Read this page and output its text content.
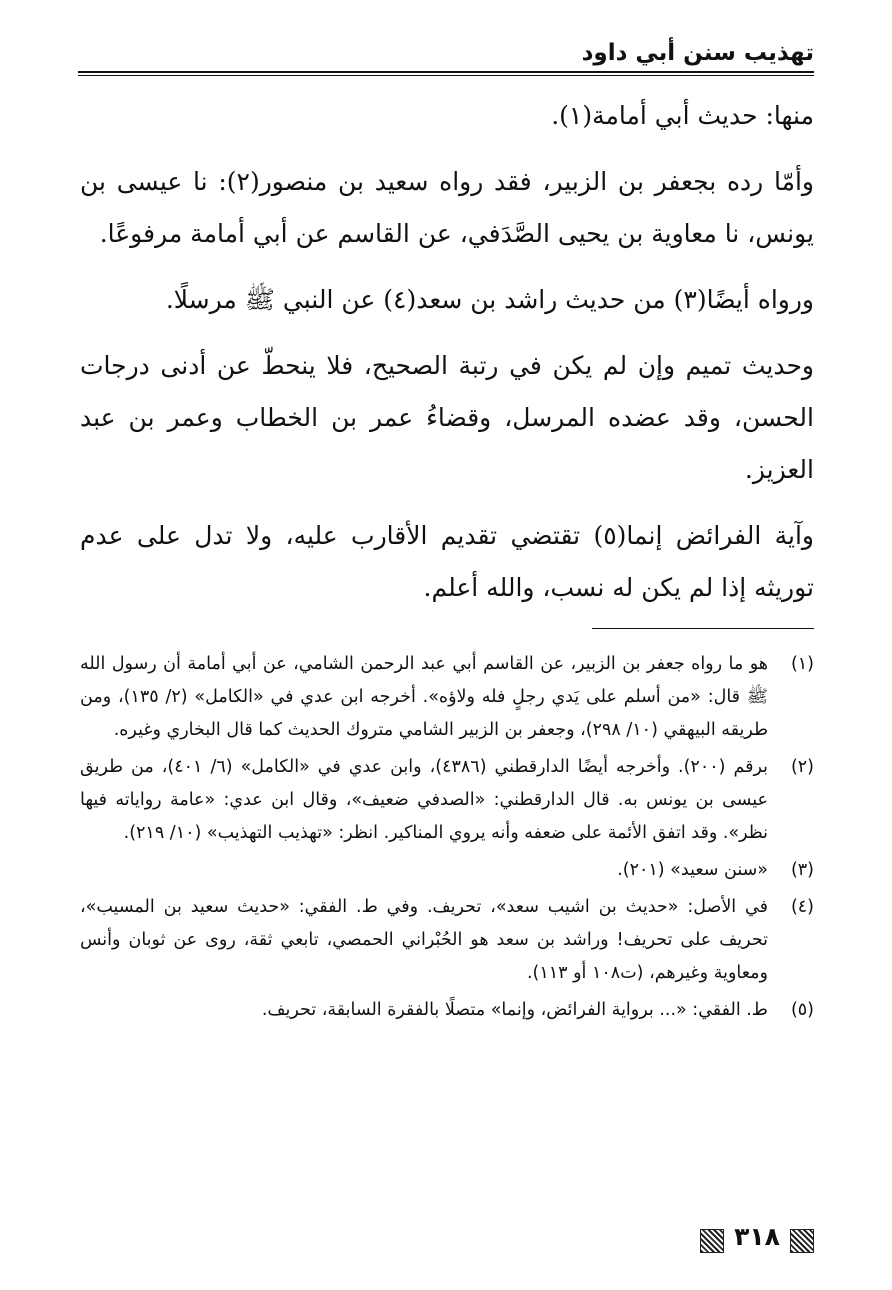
تهذيب سنن أبي داود

منها: حديث أبي أمامة(١).

وأمّا رده بجعفر بن الزبير، فقد رواه سعيد بن منصور(٢): نا عيسى بن يونس، نا معاوية بن يحيى الصَّدَفي، عن القاسم عن أبي أمامة مرفوعًا.

ورواه أيضًا(٣) من حديث راشد بن سعد(٤) عن النبي ﷺ مرسلًا.

وحديث تميم وإن لم يكن في رتبة الصحيح، فلا ينحطّ عن أدنى درجات الحسن، وقد عضده المرسل، وقضاءُ عمر بن الخطاب وعمر بن عبد العزيز.

وآية الفرائض إنما(٥) تقتضي تقديم الأقارب عليه، ولا تدل على عدم توريثه إذا لم يكن له نسب، والله أعلم.

(١)
هو ما رواه جعفر بن الزبير، عن القاسم أبي عبد الرحمن الشامي، عن أبي أمامة أن رسول الله ﷺ قال: «من أسلم على يَدي رجلٍ فله ولاؤه». أخرجه ابن عدي في «الكامل» (٢/ ١٣٥)، ومن طريقه البيهقي (١٠/ ٢٩٨)، وجعفر بن الزبير الشامي متروك الحديث كما قال البخاري وغيره.
(٢)
برقم (٢٠٠). وأخرجه أيضًا الدارقطني (٤٣٨٦)، وابن عدي في «الكامل» (٦/ ٤٠١)، من طريق عيسى بن يونس به. قال الدارقطني: «الصدفي ضعيف»، وقال ابن عدي: «عامة رواياته فيها نظر». وقد اتفق الأئمة على ضعفه وأنه يروي المناكير. انظر: «تهذيب التهذيب» (١٠/ ٢١٩).
(٣)
«سنن سعيد» (٢٠١).
(٤)
في الأصل: «حديث بن اشيب سعد»، تحريف. وفي ط. الفقي: «حديث سعيد بن المسيب»، تحريف على تحريف! وراشد بن سعد هو الحُبْراني الحمصي، تابعي ثقة، روى عن ثوبان وأنس ومعاوية وغيرهم، (ت١٠٨ أو ١١٣).
(٥)
ط. الفقي: «... برواية الفرائض، وإنما» متصلًا بالفقرة السابقة، تحريف.
٣١٨
